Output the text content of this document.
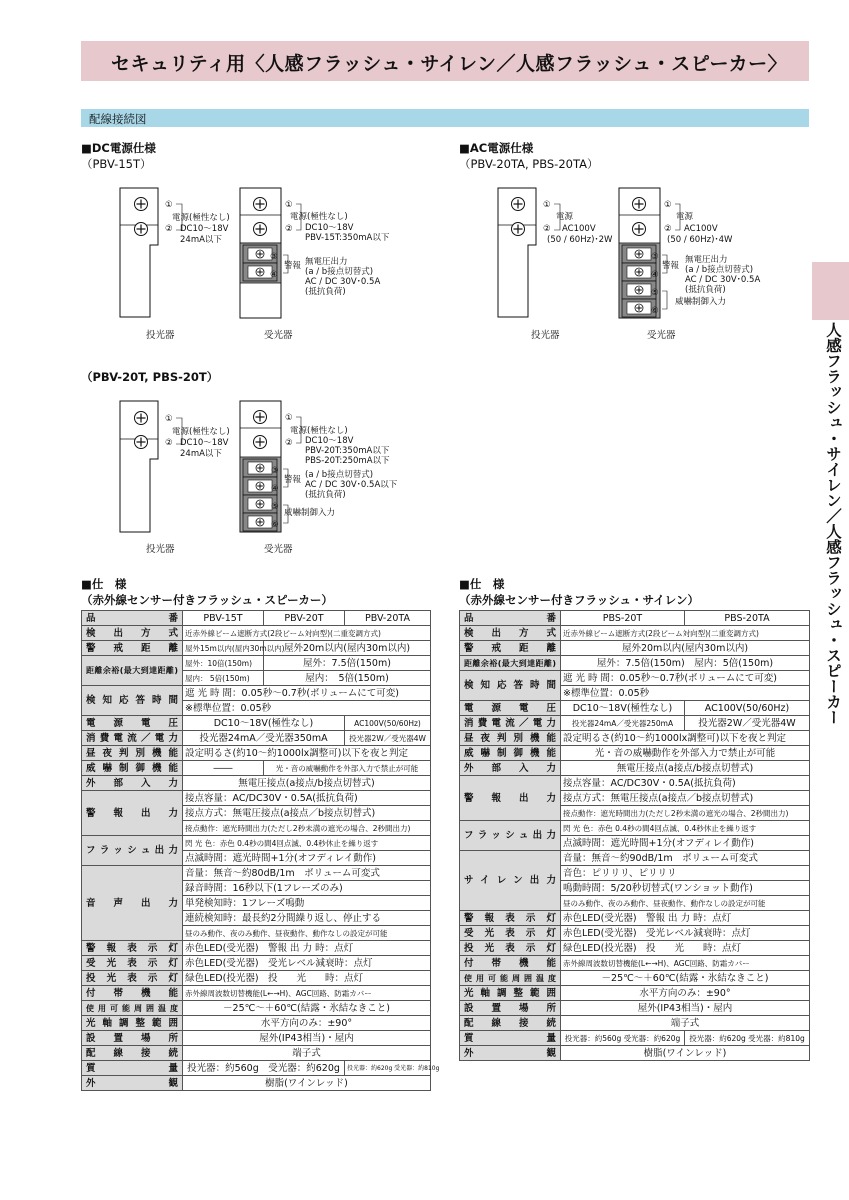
セキュリティ用〈人感フラッシュ・サイレン／人感フラッシュ・スピーカー〉
配線接続図
人感フラッシュ・サイレン／人感フラッシュ・スピーカー
■DC電源仕様
（PBV-15T）
（PBV-20T, PBS-20T）
■AC電源仕様
（PBV-20TA, PBS-20TA）
①
②
電源(極性なし)
DC10～18V
24mA以下
①
②
電源(極性なし)
DC10～18V
PBV-15T:350mA以下
③
④
警報 無電圧出力
(a / b接点切替式)
AC / DC 30V･0.5A
(抵抗負荷)
投光器	受光器
①
②
電源
AC100V
(50 / 60Hz)･2W
①
②
電源
AC100V
(50 / 60Hz)･4W
③
④
⑤
⑥
警報
無電圧出力
(a / b接点切替式)
AC / DC 30V･0.5A
(抵抗負荷)
威嚇制御入力
投光器	受光器
①
②
電源(極性なし)
DC10～18V
24mA以下
①
②
電源(極性なし)
DC10～18V
PBV-20T:350mA以下
PBS-20T:250mA以下
③
④
⑤
⑥
警報 (a / b接点切替式)
AC / DC 30V･0.5A以下
(抵抗負荷)
威嚇制御入力
投光器	受光器
■仕　様
（赤外線センサー付きフラッシュ・スピーカー）
■仕　様
（赤外線センサー付きフラッシュ・サイレン）
品番	PBV-15T	PBV-20T	PBV-20TA
検出方式	近赤外線ビーム遮断方式(2段ビーム対向型)(二重変調方式)		
警戒距離	屋外15m以内(屋内30m以内)	屋外20m以内(屋内30m以内)	
距離余裕(最大到達距離)	屋外：10倍(150m)	屋外：7.5倍(150m)	
	屋内： 5倍(150m)	屋内：　5倍(150m)	
検知応答時間	遮 光 時 間：0.05秒～0.7秒(ボリュームにて可変)		
	※標準位置：0.05秒		
電源電圧	DC10～18V(極性なし)		AC100V(50/60Hz)
消費電流／電力	投光器24mA／受光器350mA		投光器2W／受光器4W
昼夜判別機能	設定明るさ(約10～約1000lx調整可)以下を夜と判定		
威嚇制御機能	――	光・音の威嚇動作を外部入力で禁止が可能	
外部入力	無電圧接点(a接点/b接点切替式)		
警報出力	接点容量：AC/DC30V・0.5A(抵抗負荷)		
	接点方式：無電圧接点(a接点／b接点切替式)		
	接点動作：遮光時間出力(ただし2秒未満の遮光の場合、2秒間出力)		
フラッシュ出力	閃 光 色：赤色 0.4秒の間4回点滅、0.4秒休止を繰り返す		
	点滅時間：遮光時間+1分(オフディレイ動作)		
音声出力	音量：無音～約80dB/1m　ボリューム可変式		
	録音時間：16秒以下(1フレーズのみ)		
	単発検知時：1フレーズ鳴動		
	連続検知時：最長約2分間繰り返し、停止する		
	昼のみ動作、夜のみ動作、昼夜動作、動作なしの設定が可能		
警報表示灯	赤色LED(受光器)　警報 出 力 時：点灯		
受光表示灯	赤色LED(受光器)　受光レベル減衰時：点灯		
投光表示灯	緑色LED(投光器)　投　　光　　時：点灯		
付帯機能	赤外線周波数切替機能(L←→H)、AGC回路、防霜カバー		
使用可能周囲温度	－25℃～＋60℃(結露・氷結なきこと)		
光軸調整範囲	水平方向のみ：±90°		
設置場所	屋外(IP43相当)・屋内		
配線接続	端子式		
質量	投光器：約560g　受光器：約620g		投光器：約620g 受光器：約810g
外観	樹脂(ワインレッド)		
品番	PBS-20T	PBS-20TA
検出方式	近赤外線ビーム遮断方式(2段ビーム対向型)(二重変調方式)	
警戒距離	屋外20m以内(屋内30m以内)	
距離余裕(最大到達距離)	屋外：7.5倍(150m)　屋内：5倍(150m)	
検知応答時間	遮 光 時 間：0.05秒～0.7秒(ボリュームにて可変)	
	※標準位置：0.05秒	
電源電圧	DC10～18V(極性なし)	AC100V(50/60Hz)
消費電流／電力	投光器24mA／受光器250mA	投光器2W／受光器4W
昼夜判別機能	設定明るさ(約10～約1000lx調整可)以下を夜と判定	
威嚇制御機能	光・音の威嚇動作を外部入力で禁止が可能	
外部入力	無電圧接点(a接点/b接点切替式)	
警報出力	接点容量：AC/DC30V・0.5A(抵抗負荷)	
	接点方式：無電圧接点(a接点／b接点切替式)	
	接点動作：遮光時間出力(ただし2秒未満の遮光の場合、2秒間出力)	
フラッシュ出力	閃 光 色：赤色 0.4秒の間4回点滅、0.4秒休止を繰り返す	
	点滅時間：遮光時間+1分(オフディレイ動作)	
サイレン出力	音量：無音～約90dB/1m　ボリューム可変式	
	音色：ピリリリ、ピリリリ	
	鳴動時間：5/20秒切替式(ワンショット動作)	
	昼のみ動作、夜のみ動作、昼夜動作、動作なしの設定が可能	
警報表示灯	赤色LED(受光器)　警報 出 力 時：点灯	
受光表示灯	赤色LED(受光器)　受光レベル減衰時：点灯	
投光表示灯	緑色LED(投光器)　投　　光　　時：点灯	
付帯機能	赤外線周波数切替機能(L←→H)、AGC回路、防霜カバー	
使用可能周囲温度	－25℃～＋60℃(結露・氷結なきこと)	
光軸調整範囲	水平方向のみ：±90°	
設置場所	屋外(IP43相当)・屋内	
配線接続	端子式	
質量	投光器：約560g 受光器：約620g	投光器：約620g 受光器：約810g
外観	樹脂(ワインレッド)	
